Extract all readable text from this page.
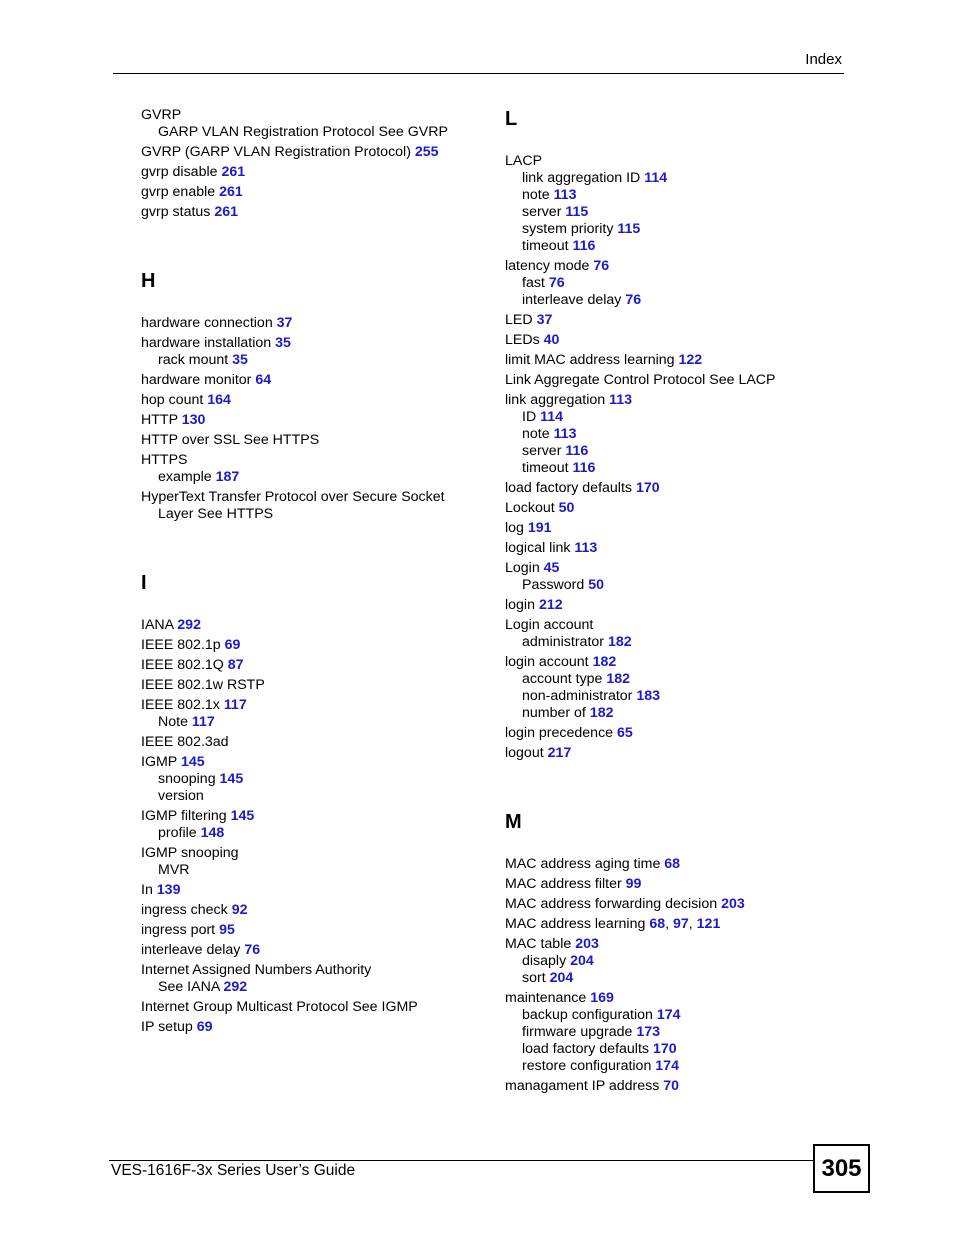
Index
GVRP
GARP VLAN Registration Protocol See GVRP
GVRP (GARP VLAN Registration Protocol) 255
gvrp disable 261
gvrp enable 261
gvrp status 261
H
hardware connection 37
hardware installation 35
rack mount 35
hardware monitor 64
hop count 164
HTTP 130
HTTP over SSL See HTTPS
HTTPS
example 187
HyperText Transfer Protocol over Secure Socket
Layer See HTTPS
I
IANA 292
IEEE 802.1p 69
IEEE 802.1Q 87
IEEE 802.1w RSTP
IEEE 802.1x 117
Note 117
IEEE 802.3ad
IGMP 145
snooping 145
version
IGMP filtering 145
profile 148
IGMP snooping
MVR
In 139
ingress check 92
ingress port 95
interleave delay 76
Internet Assigned Numbers Authority
See IANA 292
Internet Group Multicast Protocol See IGMP
IP setup 69
L
LACP
link aggregation ID 114
note 113
server 115
system priority 115
timeout 116
latency mode 76
fast 76
interleave delay 76
LED 37
LEDs 40
limit MAC address learning 122
Link Aggregate Control Protocol See LACP
link aggregation 113
ID 114
note 113
server 116
timeout 116
load factory defaults 170
Lockout 50
log 191
logical link 113
Login 45
Password 50
login 212
Login account
administrator 182
login account 182
account type 182
non-administrator 183
number of 182
login precedence 65
logout 217
M
MAC address aging time 68
MAC address filter 99
MAC address forwarding decision 203
MAC address learning 68, 97, 121
MAC table 203
disaply 204
sort 204
maintenance 169
backup configuration 174
firmware upgrade 173
load factory defaults 170
restore configuration 174
managament IP address 70
VES-1616F-3x Series User’s Guide	305
